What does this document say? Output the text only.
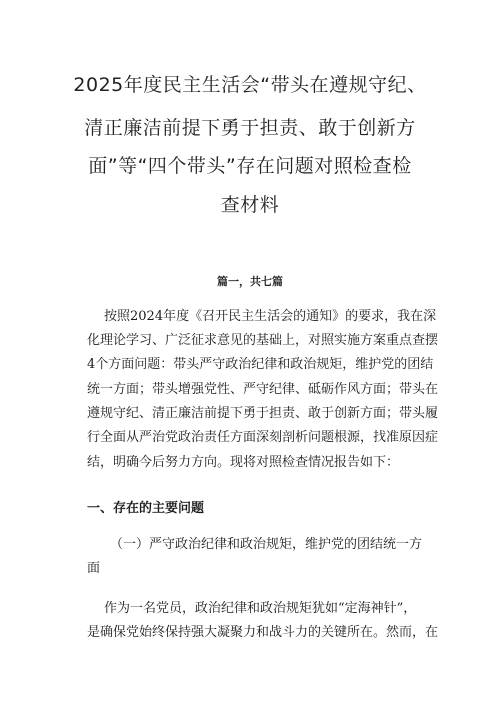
2025年度民主生活会“带头在遵规守纪、
清正廉洁前提下勇于担责、敢于创新方
面”等“四个带头”存在问题对照检查检
查材料
篇一，共七篇
按照2024年度《召开民主生活会的通知》的要求，我在深
化理论学习、广泛征求意见的基础上，对照实施方案重点查摆
4个方面问题：带头严守政治纪律和政治规矩，维护党的团结
统一方面；带头增强党性、严守纪律、砥砺作风方面；带头在
遵规守纪、清正廉洁前提下勇于担责、敢于创新方面；带头履
行全面从严治党政治责任方面深刻剖析问题根源，找准原因症
结，明确今后努力方向。现将对照检查情况报告如下：
一、存在的主要问题
（一）严守政治纪律和政治规矩，维护党的团结统一方
面
作为一名党员，政治纪律和政治规矩犹如“定海神针”，
是确保党始终保持强大凝聚力和战斗力的关键所在。然而，在
